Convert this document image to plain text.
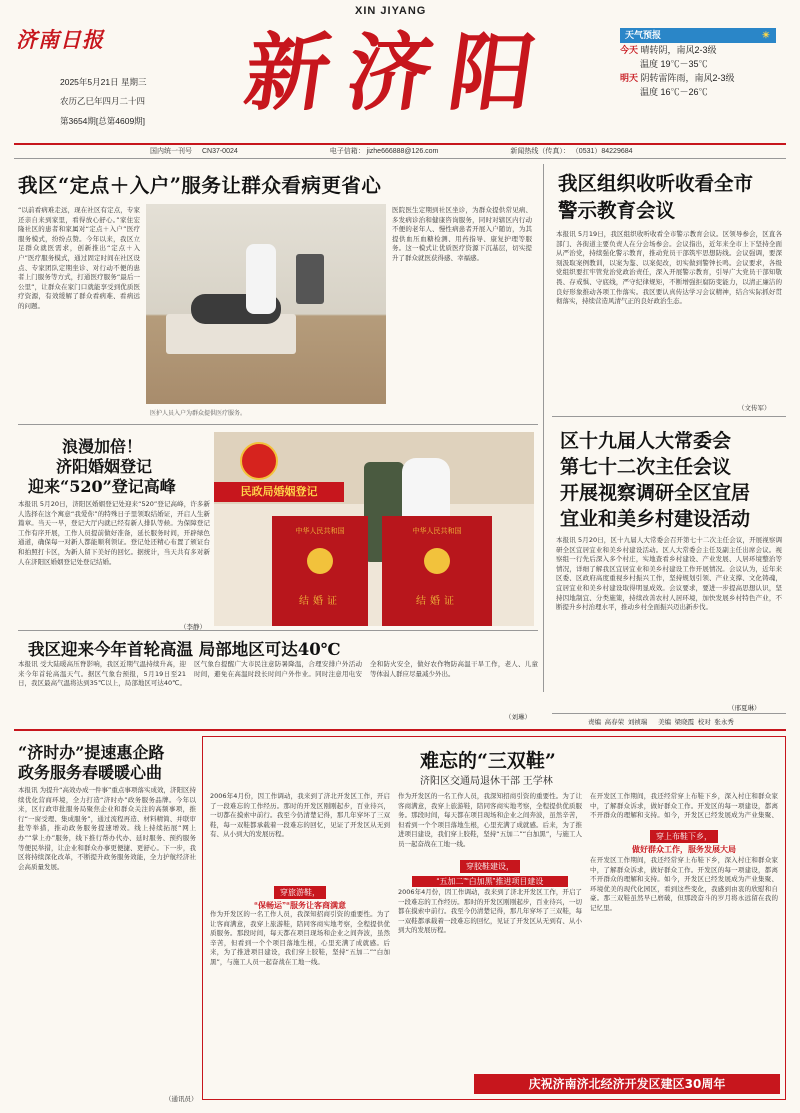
济南日报
2025年5月21日 星期三
农历乙巳年四月二十四
第3654期[总第4609期]
XIN JIYANG
新济阳	天气预报	☀
今天 晴转阴，南风2-3级
温度 19℃－35℃
明天 阴转雷阵雨，南风2-3级
温度 16℃－26℃
国内统一刊号 CN37-0024	电子信箱： jizhe666888@126.com	新闻热线（传真）： （0531）84229684
我区“定点＋入户”服务让群众看病更省心
“以前看病难走远，现在社区有定点，专家还亲自来到家里，看得放心舒心。”家住宏隆社区的患者和家属对“定点＋入户”医疗服务模式，纷纷点赞。今年以来，我区立足群众就医需求，创新推出“定点＋入户”医疗服务模式，通过固定时间在社区设点、专家团队定期坐诊、对行动不便的患者上门服务等方式，打通医疗服务“最后一公里”，让群众在家门口就能享受到优质医疗资源，有效缓解了群众看病难、看病远的问题。
医护人员入户为群众提供医疗服务。
医院医生定期到社区坐诊，为群众提供常见病、多发病诊治和健康咨询服务，同时对辖区内行动不便的老年人、慢性病患者开展入户随访，为其提供血压血糖检测、用药指导、康复护理等服务。这一模式让优质医疗资源下沉基层，切实提升了群众就医获得感、幸福感。
我区组织收听收看全市警示教育会议
本报讯 5月19日，我区组织收听收看全市警示教育会议。区领导参会，区直各部门、各街道主要负责人在分会场参会。会议指出，近年来全市上下坚持全面从严治党，持续强化警示教育，推动党员干部筑牢思想防线。会议强调，要深刻汲取案例教训，以案为鉴、以案促改，切实做到警钟长鸣。会议要求，各级党组织要扛牢管党治党政治责任，深入开展警示教育，引导广大党员干部知敬畏、存戒惧、守底线，严守纪律规矩，不断增强拒腐防变能力，以清正廉洁的良好形象推动各项工作落实。我区要认真传达学习会议精神，结合实际抓好贯彻落实，持续营造风清气正的良好政治生态。
（文传军）
浪漫加倍！
济阳婚姻登记
迎来“520”登记高峰
本报讯 5月20日，济阳区婚姻登记处迎来“520”登记高峰，许多新人选择在这个寓意“我爱你”的特殊日子里领取结婚证，开启人生新篇章。当天一早，登记大厅内就已经有新人排队等候。为保障登记工作有序开展，工作人员提前做好准备，延长服务时间，开辟绿色通道，确保每一对新人都能顺利领证。登记处还精心布置了颁证台和拍照打卡区，为新人留下美好的回忆。据统计，当天共有多对新人在济阳区婚姻登记处登记结婚。
（李静）
民政局婚姻登记
中华人民共和国
结婚证
中华人民共和国
结婚证
我区迎来今年首轮高温 局部地区可达40℃
本报讯 受大陆暖高压脊影响，我区近期气温持续升高，迎来今年首轮高温天气。据区气象台预报，5月19日至21日，我区最高气温将达到35℃以上，局部地区可达40℃。区气象台提醒广大市民注意防暑降温，合理安排户外活动时间，避免在高温时段长时间户外作业。同时注意用电安全和防火安全，做好农作物防高温干旱工作，老人、儿童等体弱人群应尽量减少外出。
（刘琳）
区十九届人大常委会
第七十二次主任会议
开展视察调研全区宜居
宜业和美乡村建设活动
本报讯 5月20日，区十九届人大常委会召开第七十二次主任会议，开展视察调研全区宜居宜业和美乡村建设活动。区人大常委会主任及副主任出席会议。视察组一行先后深入多个村庄，实地查看乡村建设、产业发展、人居环境整治等情况，详细了解我区宜居宜业和美乡村建设工作开展情况。会议认为，近年来区委、区政府高度重视乡村振兴工作，坚持规划引领、产业支撑、文化铸魂，宜居宜业和美乡村建设取得明显成效。会议要求，要进一步提高思想认识，坚持因地制宜、分类施策，持续改善农村人居环境，加快发展乡村特色产业，不断提升乡村治理水平，推动乡村全面振兴迈出新步伐。
（邢夏琳）
责编  高春荣  刘祯瑞      美编  梁晓霞  校对  张永秀
“济时办”提速惠企路
政务服务春暖暖心曲
本报讯 为提升“高效办成一件事”重点事项落实成效，济阳区持续优化营商环境，全力打造“济时办”政务服务品牌。今年以来，区行政审批服务局聚焦企业和群众关注的高频事项，推行“一窗受理、集成服务”，通过流程再造、材料精简、并联审批等举措，推动政务服务提速增效。线上持续拓展“网上办”“掌上办”服务，线下推行帮办代办、延时服务、预约服务等便民举措，让企业和群众办事更便捷、更舒心。下一步，我区将持续深化改革，不断提升政务服务效能，全力护航经济社会高质量发展。
（通讯员）
难忘的“三双鞋”
济阳区交通局退休干部 王学林
2006年4月份，因工作调动，我来到了济北开发区工作，开启了一段难忘的工作经历。那时的开发区刚刚起步，百业待兴，一切都在摸索中前行。我至今仍清楚记得，那几年穿坏了三双鞋，每一双鞋都承载着一段难忘的回忆，见证了开发区从无到有、从小到大的发展历程。
穿旅游鞋，
“保畅运”“服务让客商满意
作为开发区的一名工作人员，我深知招商引资的重要性。为了让客商满意，我穿上旅游鞋，陪同客商实地考察，全程提供优质服务。那段时间，每天都在项目现场和企业之间奔波，虽然辛苦，但看到一个个项目落地生根，心里充满了成就感。后来，为了推进项目建设，我们穿上胶鞋，坚持“五加二”“白加黑”，与施工人员一起奋战在工地一线。
作为开发区的一名工作人员，我深知招商引资的重要性。为了让客商满意，我穿上旅游鞋，陪同客商实地考察，全程提供优质服务。那段时间，每天都在项目现场和企业之间奔波，虽然辛苦，但看到一个个项目落地生根，心里充满了成就感。后来，为了推进项目建设，我们穿上胶鞋，坚持“五加二”“白加黑”，与施工人员一起奋战在工地一线。
穿胶鞋建设，
“五加二”“白加黑”推进项目建设
2006年4月份，因工作调动，我来到了济北开发区工作，开启了一段难忘的工作经历。那时的开发区刚刚起步，百业待兴，一切都在摸索中前行。我至今仍清楚记得，那几年穿坏了三双鞋，每一双鞋都承载着一段难忘的回忆，见证了开发区从无到有、从小到大的发展历程。
在开发区工作期间，我还经常穿上布鞋下乡，深入村庄和群众家中，了解群众诉求，做好群众工作。开发区的每一项建设，都离不开群众的理解和支持。如今，开发区已经发展成为产业集聚、
穿上布鞋下乡，
做好群众工作，服务发展大局
在开发区工作期间，我还经常穿上布鞋下乡，深入村庄和群众家中，了解群众诉求，做好群众工作。开发区的每一项建设，都离不开群众的理解和支持。如今，开发区已经发展成为产业集聚、环境优美的现代化园区，看到这些变化，我感到由衷的欣慰和自豪。那三双鞋虽然早已磨破，但那段奋斗的岁月将永远留在我的记忆里。
庆祝济南济北经济开发区建区30周年
